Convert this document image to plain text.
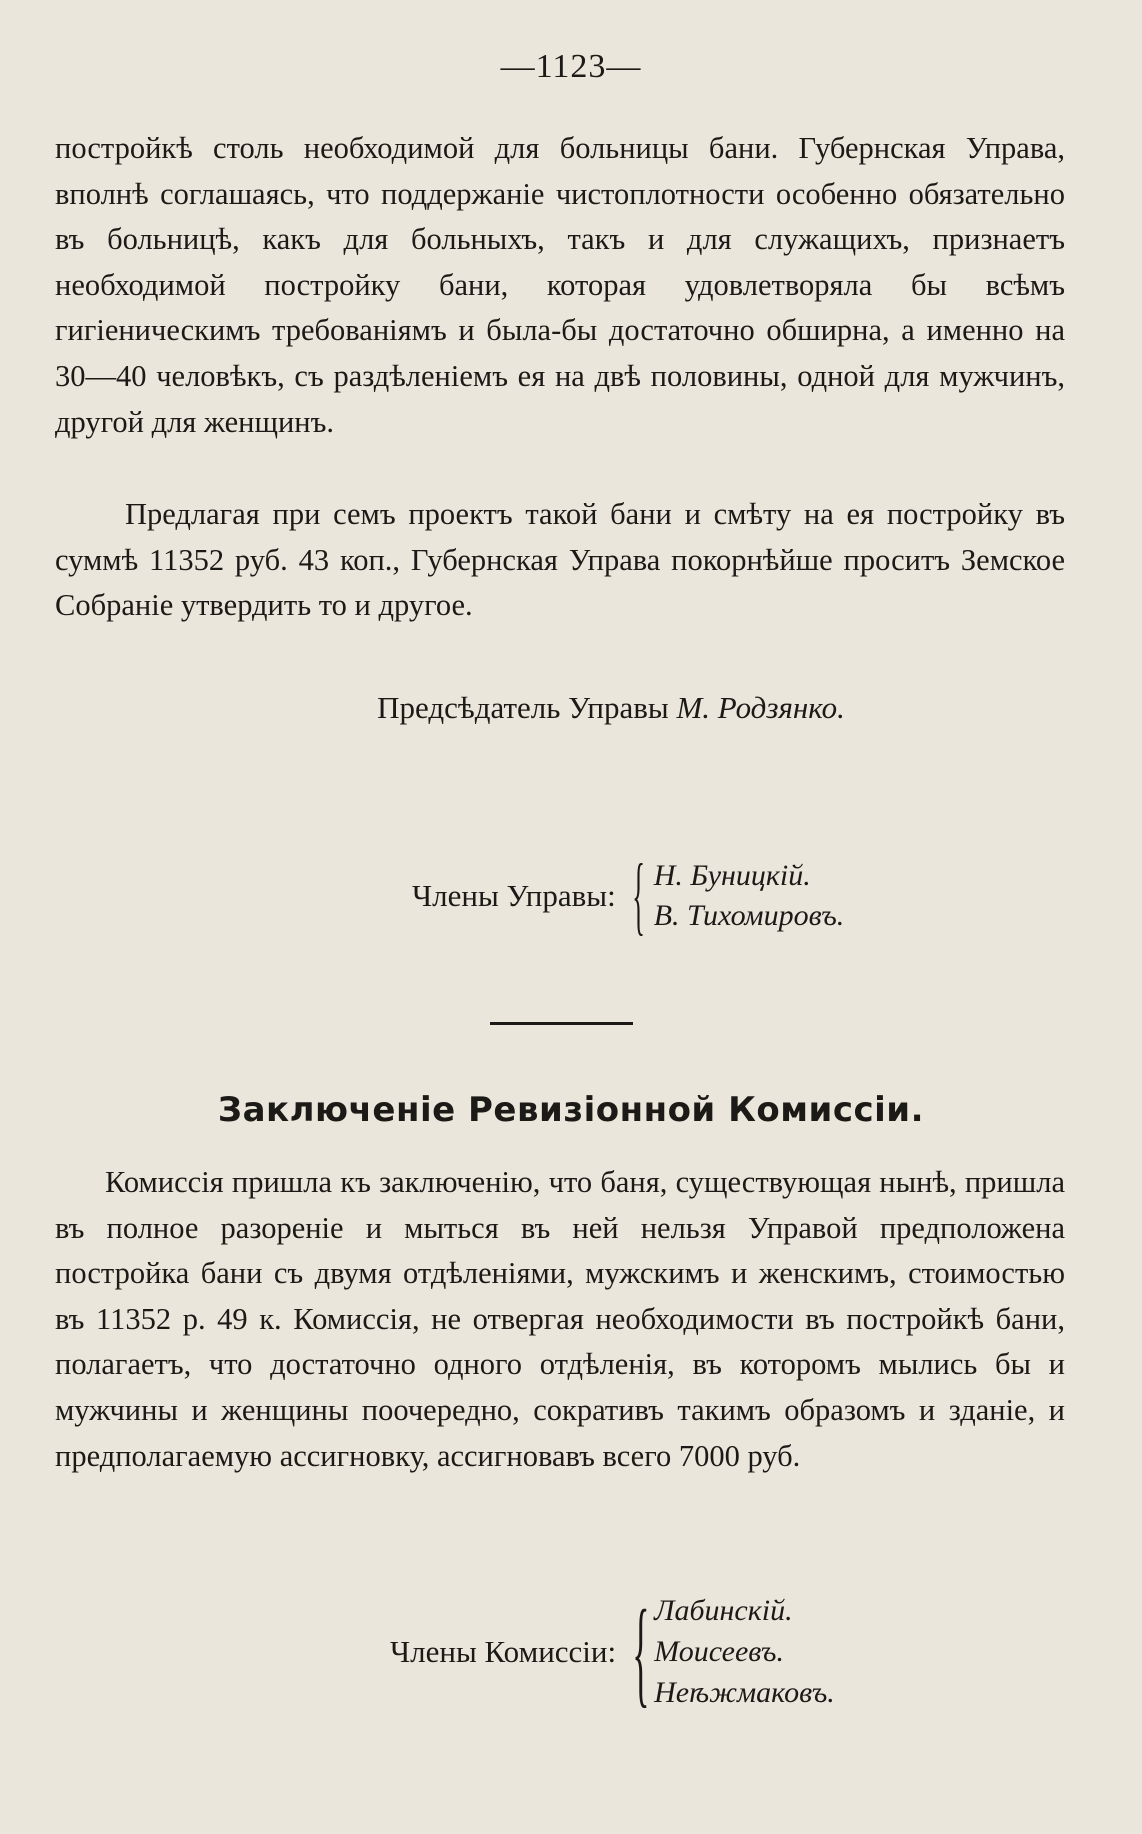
—1123—

постройкѣ столь необходимой для больницы бани. Губернская Управа, вполнѣ соглашаясь, что поддержаніе чистоплотности особенно обязательно въ больницѣ, какъ для больныхъ, такъ и для служащихъ, признаетъ необходимой постройку бани, которая удовлетворяла бы всѣмъ гигіеническимъ требованіямъ и была-бы достаточно обширна, а именно на 30—40 человѣкъ, съ раздѣленіемъ ея на двѣ половины, одной для мужчинъ, другой для женщинъ.

Предлагая при семъ проектъ такой бани и смѣту на ея постройку въ суммѣ 11352 руб. 43 коп., Губернская Управа покорнѣйше проситъ Земское Собраніе утвердить то и другое.

Предсѣдатель Управы М. Родзянко.
Члены Управы: { Н. Буницкій.
В. Тихомировъ.
Заключеніе Ревизіонной Комиссіи.

Комиссія пришла къ заключенію, что баня, существующая нынѣ, пришла въ полное разореніе и мыться въ ней нельзя Управой предположена постройка бани съ двумя отдѣленіями, мужскимъ и женскимъ, стоимостью въ 11352 р. 49 к. Комиссія, не отвергая необходимости въ постройкѣ бани, полагаетъ, что достаточно одного отдѣленія, въ которомъ мылись бы и мужчины и женщины поочередно, сокративъ такимъ образомъ и зданіе, и предполагаемую ассигновку, ассигновавъ всего 7000 руб.

Члены Комиссіи: { Лабинскій.
Моисеевъ.
Неѣжмаковъ.
